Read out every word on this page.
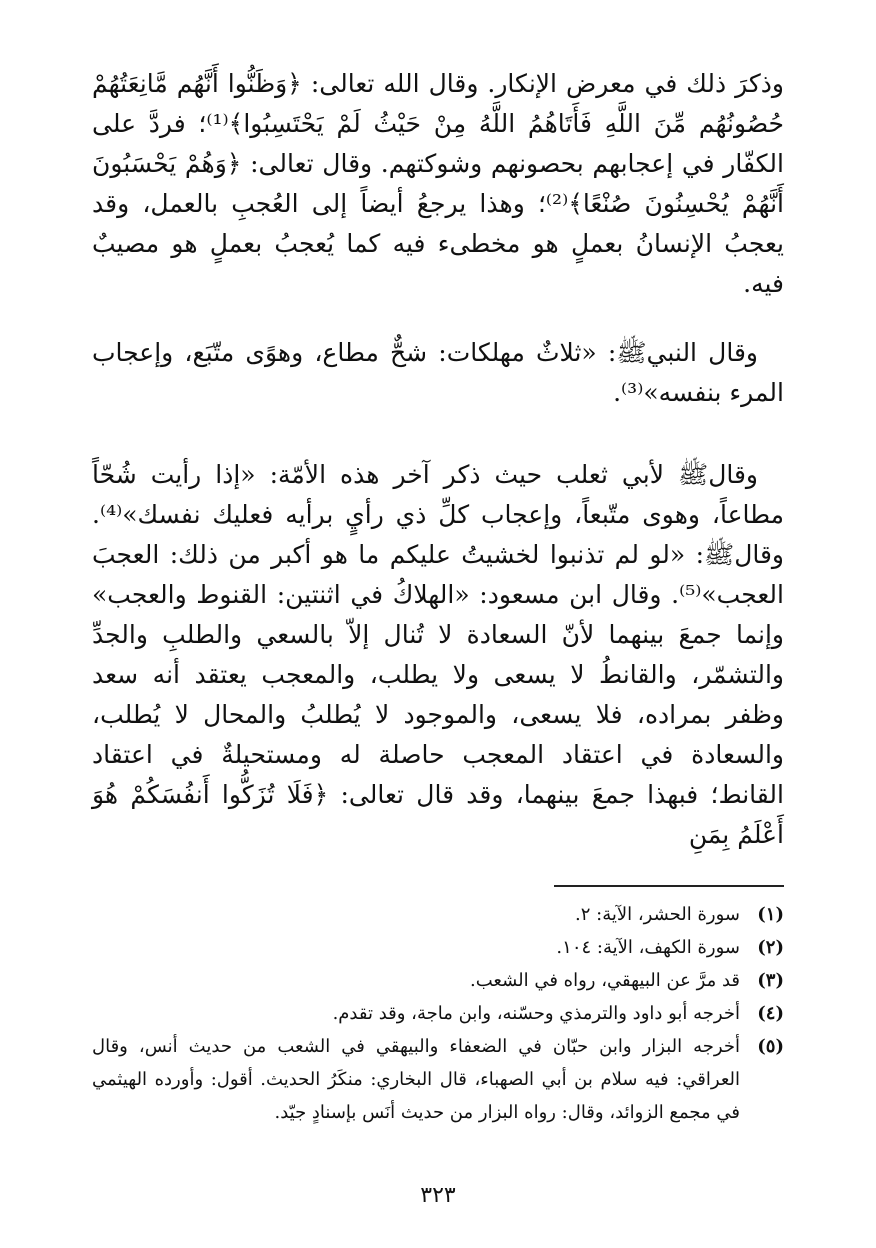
وذكرَ ذلك في معرض الإنكار. وقال الله تعالى: ﴿وَظَنُّوا أَنَّهُم مَّانِعَتُهُمْ حُصُونُهُم مِّنَ اللَّهِ فَأَتَاهُمُ اللَّهُ مِنْ حَيْثُ لَمْ يَحْتَسِبُوا﴾⁽¹⁾؛ فردَّ على الكفّار في إعجابهم بحصونهم وشوكتهم. وقال تعالى: ﴿وَهُمْ يَحْسَبُونَ أَنَّهُمْ يُحْسِنُونَ صُنْعًا﴾⁽²⁾؛ وهذا يرجعُ أيضاً إلى العُجبِ بالعمل، وقد يعجبُ الإنسانُ بعملٍ هو مخطىء فيه كما يُعجبُ بعملٍ هو مصيبٌ فيه.

وقال النبيﷺ: «ثلاثٌ مهلكات: شحٌّ مطاع، وهوًى متّبَع، وإعجاب المرء بنفسه»⁽³⁾.

وقالﷺ لأبي ثعلب حيث ذكر آخر هذه الأمّة: «إذا رأيت شُحّاً مطاعاً، وهوى متّبعاً، وإعجاب كلِّ ذي رأيٍ برأيه فعليك نفسك»⁽⁴⁾. وقالﷺ: «لو لم تذنبوا لخشيتُ عليكم ما هو أكبر من ذلك: العجبَ العجب»⁽⁵⁾. وقال ابن مسعود: «الهلاكُ في اثنتين: القنوط والعجب» وإنما جمعَ بينهما لأنّ السعادة لا تُنال إلاّ بالسعي والطلبِ والجدِّ والتشمّر، والقانطُ لا يسعى ولا يطلب، والمعجب يعتقد أنه سعد وظفر بمراده، فلا يسعى، والموجود لا يُطلبُ والمحال لا يُطلب، والسعادة في اعتقاد المعجب حاصلة له ومستحيلةٌ في اعتقاد القانط؛ فبهذا جمعَ بينهما، وقد قال تعالى: ﴿فَلَا تُزَكُّوا أَنفُسَكُمْ هُوَ أَعْلَمُ بِمَنِ

(١)
سورة الحشر، الآية: ٢.
(٢)
سورة الكهف، الآية: ١٠٤.
(٣)
قد مرَّ عن البيهقي، رواه في الشعب.
(٤)
أخرجه أبو داود والترمذي وحسّنه، وابن ماجة، وقد تقدم.
(٥)
أخرجه البزار وابن حبّان في الضعفاء والبيهقي في الشعب من حديث أنس، وقال العراقي: فيه سلام بن أبي الصهباء، قال البخاري: منكَرُ الحديث. أقول: وأورده الهيثمي في مجمع الزوائد، وقال: رواه البزار من حديث أنَس بإسنادٍ جيّد.
٣٢٣
